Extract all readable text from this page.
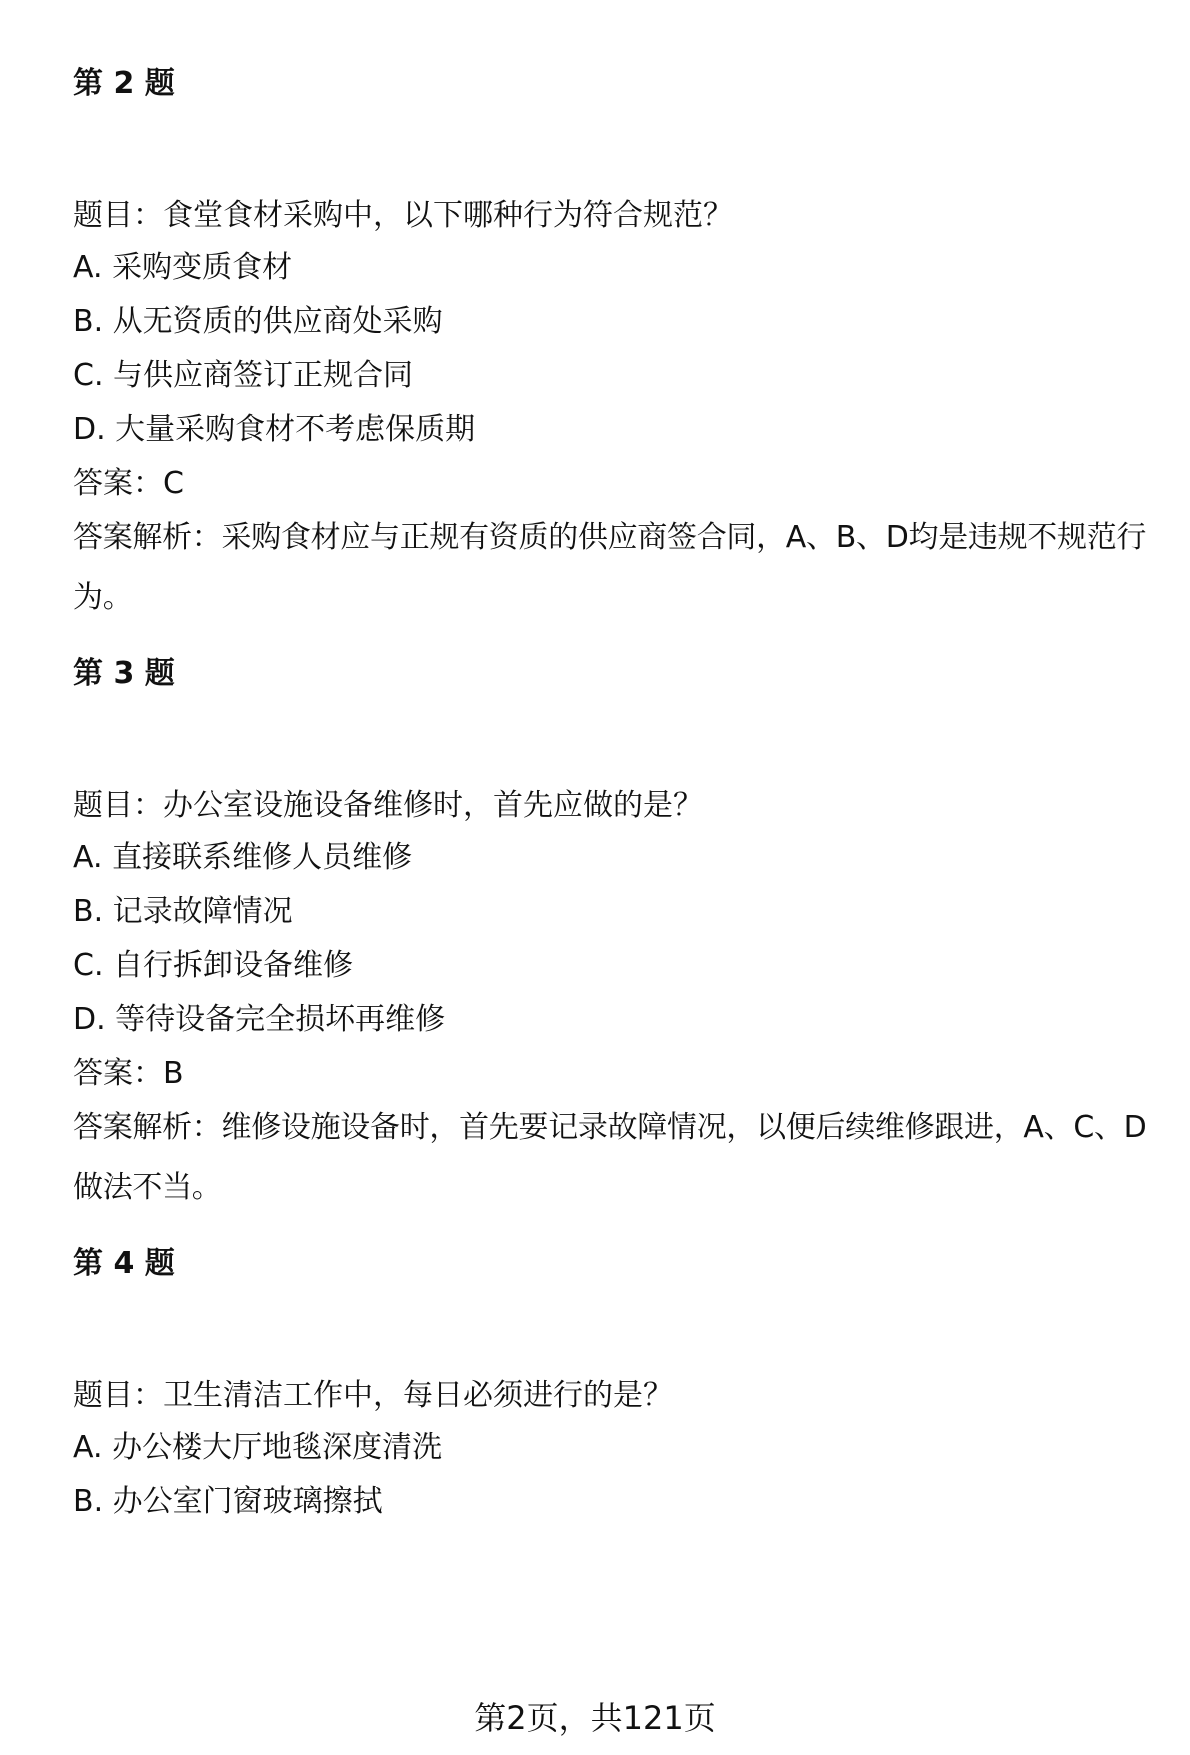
第 2 题
题目：食堂食材采购中，以下哪种行为符合规范？
A. 采购变质食材
B. 从无资质的供应商处采购
C. 与供应商签订正规合同
D. 大量采购食材不考虑保质期
答案：C
答案解析：采购食材应与正规有资质的供应商签合同，A、B、D均是违规不规范行为。
第 3 题
题目：办公室设施设备维修时，首先应做的是？
A. 直接联系维修人员维修
B. 记录故障情况
C. 自行拆卸设备维修
D. 等待设备完全损坏再维修
答案：B
答案解析：维修设施设备时，首先要记录故障情况，以便后续维修跟进，A、C、D做法不当。
第 4 题
题目：卫生清洁工作中，每日必须进行的是？
A. 办公楼大厅地毯深度清洗
B. 办公室门窗玻璃擦拭
第2页，共121页
